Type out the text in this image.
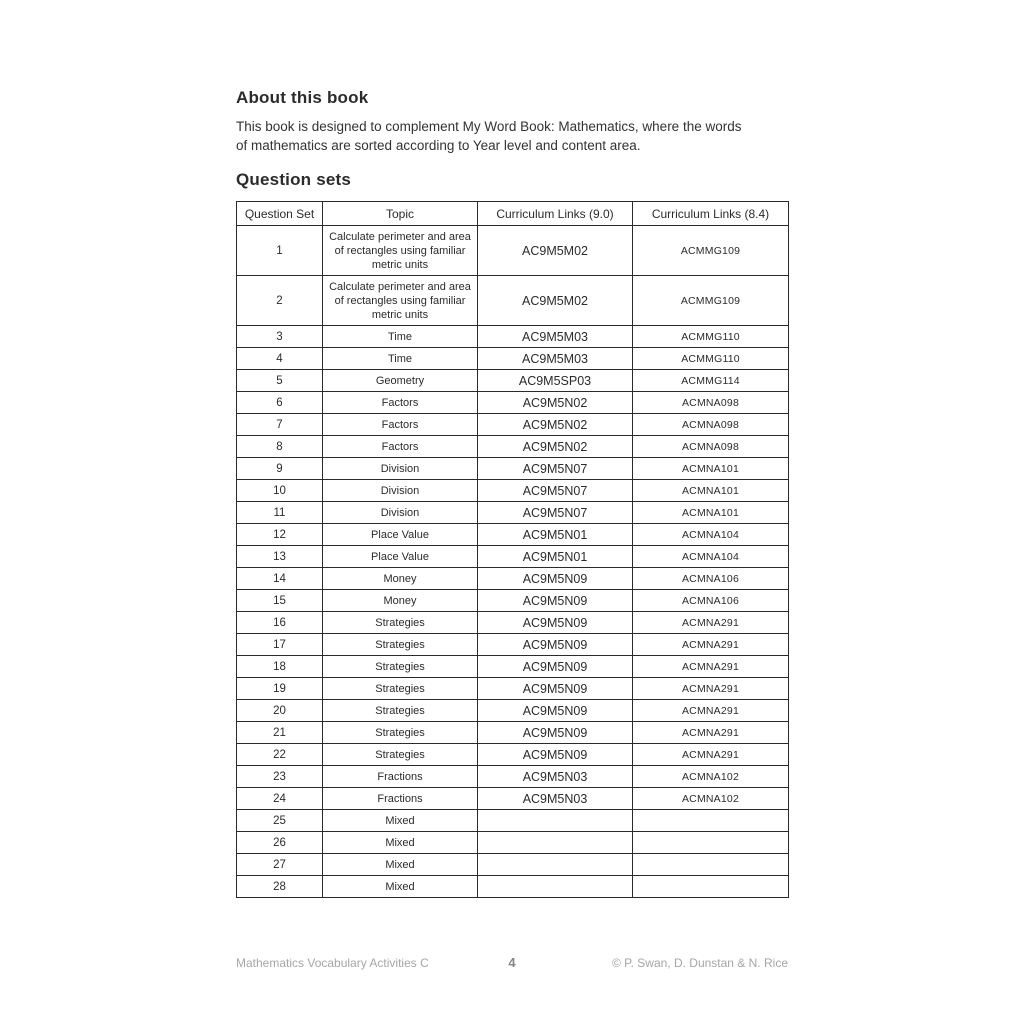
About this book

This book is designed to complement My Word Book: Mathematics, where the words of mathematics are sorted according to Year level and content area.

Question sets
Question Set	Topic	Curriculum Links (9.0)	Curriculum Links (8.4)
1	Calculate perimeter and area of rectangles using familiar metric units	AC9M5M02	ACMMG109
2	Calculate perimeter and area of rectangles using familiar metric units	AC9M5M02	ACMMG109
3	Time	AC9M5M03	ACMMG110
4	Time	AC9M5M03	ACMMG110
5	Geometry	AC9M5SP03	ACMMG114
6	Factors	AC9M5N02	ACMNA098
7	Factors	AC9M5N02	ACMNA098
8	Factors	AC9M5N02	ACMNA098
9	Division	AC9M5N07	ACMNA101
10	Division	AC9M5N07	ACMNA101
11	Division	AC9M5N07	ACMNA101
12	Place Value	AC9M5N01	ACMNA104
13	Place Value	AC9M5N01	ACMNA104
14	Money	AC9M5N09	ACMNA106
15	Money	AC9M5N09	ACMNA106
16	Strategies	AC9M5N09	ACMNA291
17	Strategies	AC9M5N09	ACMNA291
18	Strategies	AC9M5N09	ACMNA291
19	Strategies	AC9M5N09	ACMNA291
20	Strategies	AC9M5N09	ACMNA291
21	Strategies	AC9M5N09	ACMNA291
22	Strategies	AC9M5N09	ACMNA291
23	Fractions	AC9M5N03	ACMNA102
24	Fractions	AC9M5N03	ACMNA102
25	Mixed		
26	Mixed		
27	Mixed		
28	Mixed		
Mathematics Vocabulary Activities C	4	© P. Swan, D. Dunstan & N. Rice
